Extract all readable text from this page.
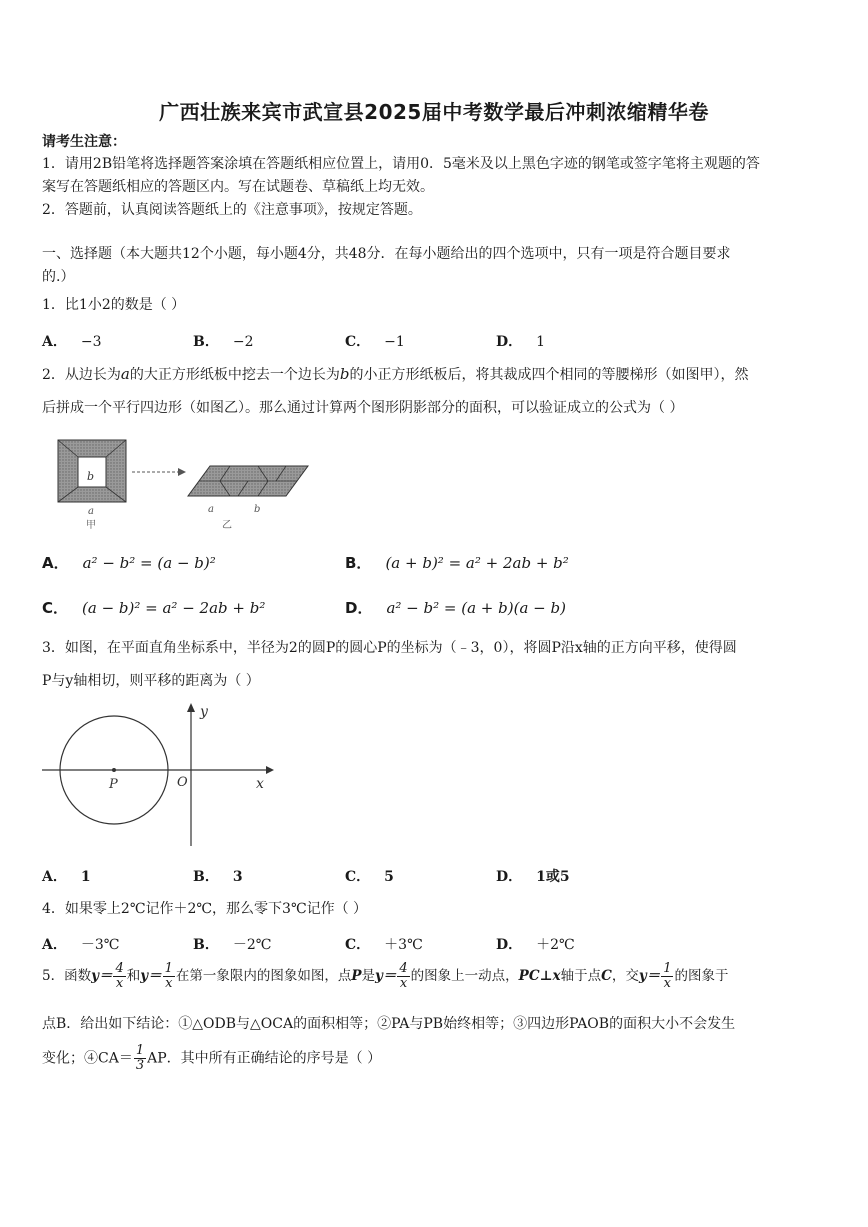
广西壮族来宾市武宣县2025届中考数学最后冲刺浓缩精华卷
请考生注意：
1．请用2B铅笔将选择题答案涂填在答题纸相应位置上，请用0．5毫米及以上黑色字迹的钢笔或签字笔将主观题的答
案写在答题纸相应的答题区内。写在试题卷、草稿纸上均无效。
2．答题前，认真阅读答题纸上的《注意事项》，按规定答题。
一、选择题（本大题共12个小题，每小题4分，共48分．在每小题给出的四个选项中，只有一项是符合题目要求
的.）
1．比1小2的数是（ ）
A． −3	B． −2	C． −1	D． 1
2．从边长为a的大正方形纸板中挖去一个边长为b的小正方形纸板后，将其裁成四个相同的等腰梯形（如图甲），然
后拼成一个平行四边形（如图乙）。那么通过计算两个图形阴影部分的面积，可以验证成立的公式为（ ）
b
a
甲
a	b
乙
A． a² − b² = (a − b)²	B． (a + b)² = a² + 2ab + b²
C． (a − b)² = a² − 2ab + b²	D． a² − b² = (a + b)(a − b)
3．如图，在平面直角坐标系中，半径为2的圆P的圆心P的坐标为（﹣3，0），将圆P沿x轴的正方向平移，使得圆
P与y轴相切，则平移的距离为（ ）
y
x
O
P
A． 1	B． 3	C． 5	D． 1或5
4．如果零上2℃记作＋2℃，那么零下3℃记作（ ）
A． －3℃	B． －2℃	C． ＋3℃	D． ＋2℃
5．函数$y= \frac{4}{x}$ 和$y= \frac{1}{x}$ 在第一象限内的图象如图，点P是$y= \frac{4}{x}$ 的图象上一动点，PC⊥x轴于点C，交$y= \frac{1}{x}$ 的图象于
点B．给出如下结论：①△ODB与△OCA的面积相等；②PA与PB始终相等；③四边形PAOB的面积大小不会发生
变化；④CA＝ $\frac{1}{3}$ AP．其中所有正确结论的序号是（ ）
